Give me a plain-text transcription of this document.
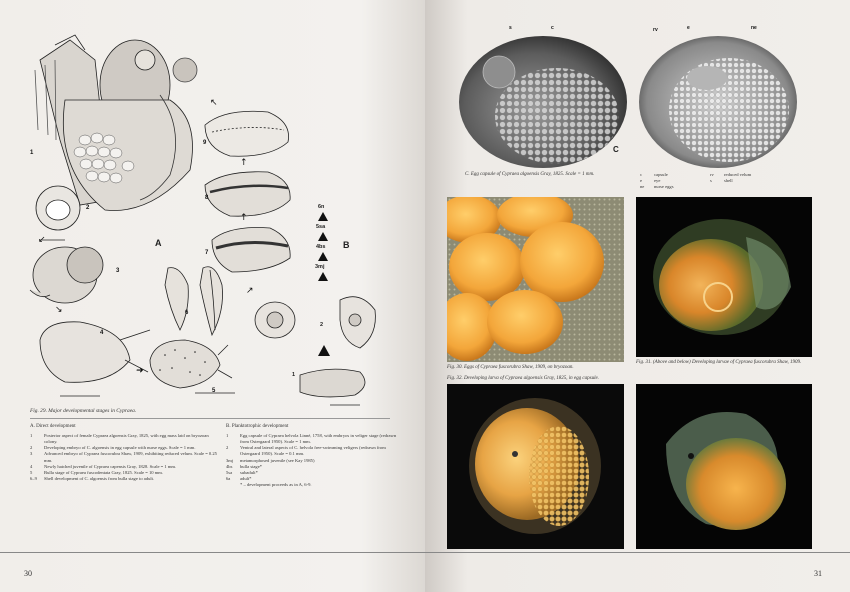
↙
↘
➜
↗
↑
↑
↖
1
2
3
4
5
6
7
8
9
A	B
6n
5sa
4bs
3mj
2
1
Fig. 29. Major developmental stages in Cypraea.
A. Direct development
1	Posterior aspect of female Cypraea algoensis Gray, 1825, with egg mass laid on bryozoan colony.
2	Developing embryo of C. algoensis in egg capsule with nurse eggs. Scale = 1 mm.
3	Advanced embryo of Cypraea fuscorubra Shaw, 1909, exhibiting reduced velum. Scale = 0.25 mm.
4	Newly hatched juvenile of Cypraea capensis Gray, 1828. Scale = 1 mm.
5	Bulla stage of Cypraea fuscodentata Gray, 1825. Scale = 10 mm.
6–9	Shell development of C. algoensis from bulla stage to adult.
B. Planktotrophic development
1	Egg capsule of Cypraea helvola Linné, 1758, with embryos in veliger stage (redrawn from Ostergaard 1950). Scale = 1 mm.
2	Ventral and lateral aspects of C. helvola free-swimming veligers (redrawn from Ostergaard 1950). Scale = 0.1 mm.
3mj	metamorphosed juvenile (see Kay 1985)
4bs	bulla stage*
5sa	subadult*
6a	adult*
* – development proceeds as in A, 6-9.
30
s	c	rv	e	ne
C
C. Egg capsule of Cypraea algoensis Gray, 1825. Scale = 1 mm.	c	capsule	rv	reduced velum
e	eye	s	shell
ne	nurse eggs
Fig. 30. Eggs of Cypraea fuscorubra Shaw, 1909, on bryozoan.
Fig. 31. (Above and below) Developing larvae of Cypraea fuscorubra Shaw, 1909.
Fig. 32. Developing larva of Cypraea algoensis Gray, 1825, in egg capsule.
31
